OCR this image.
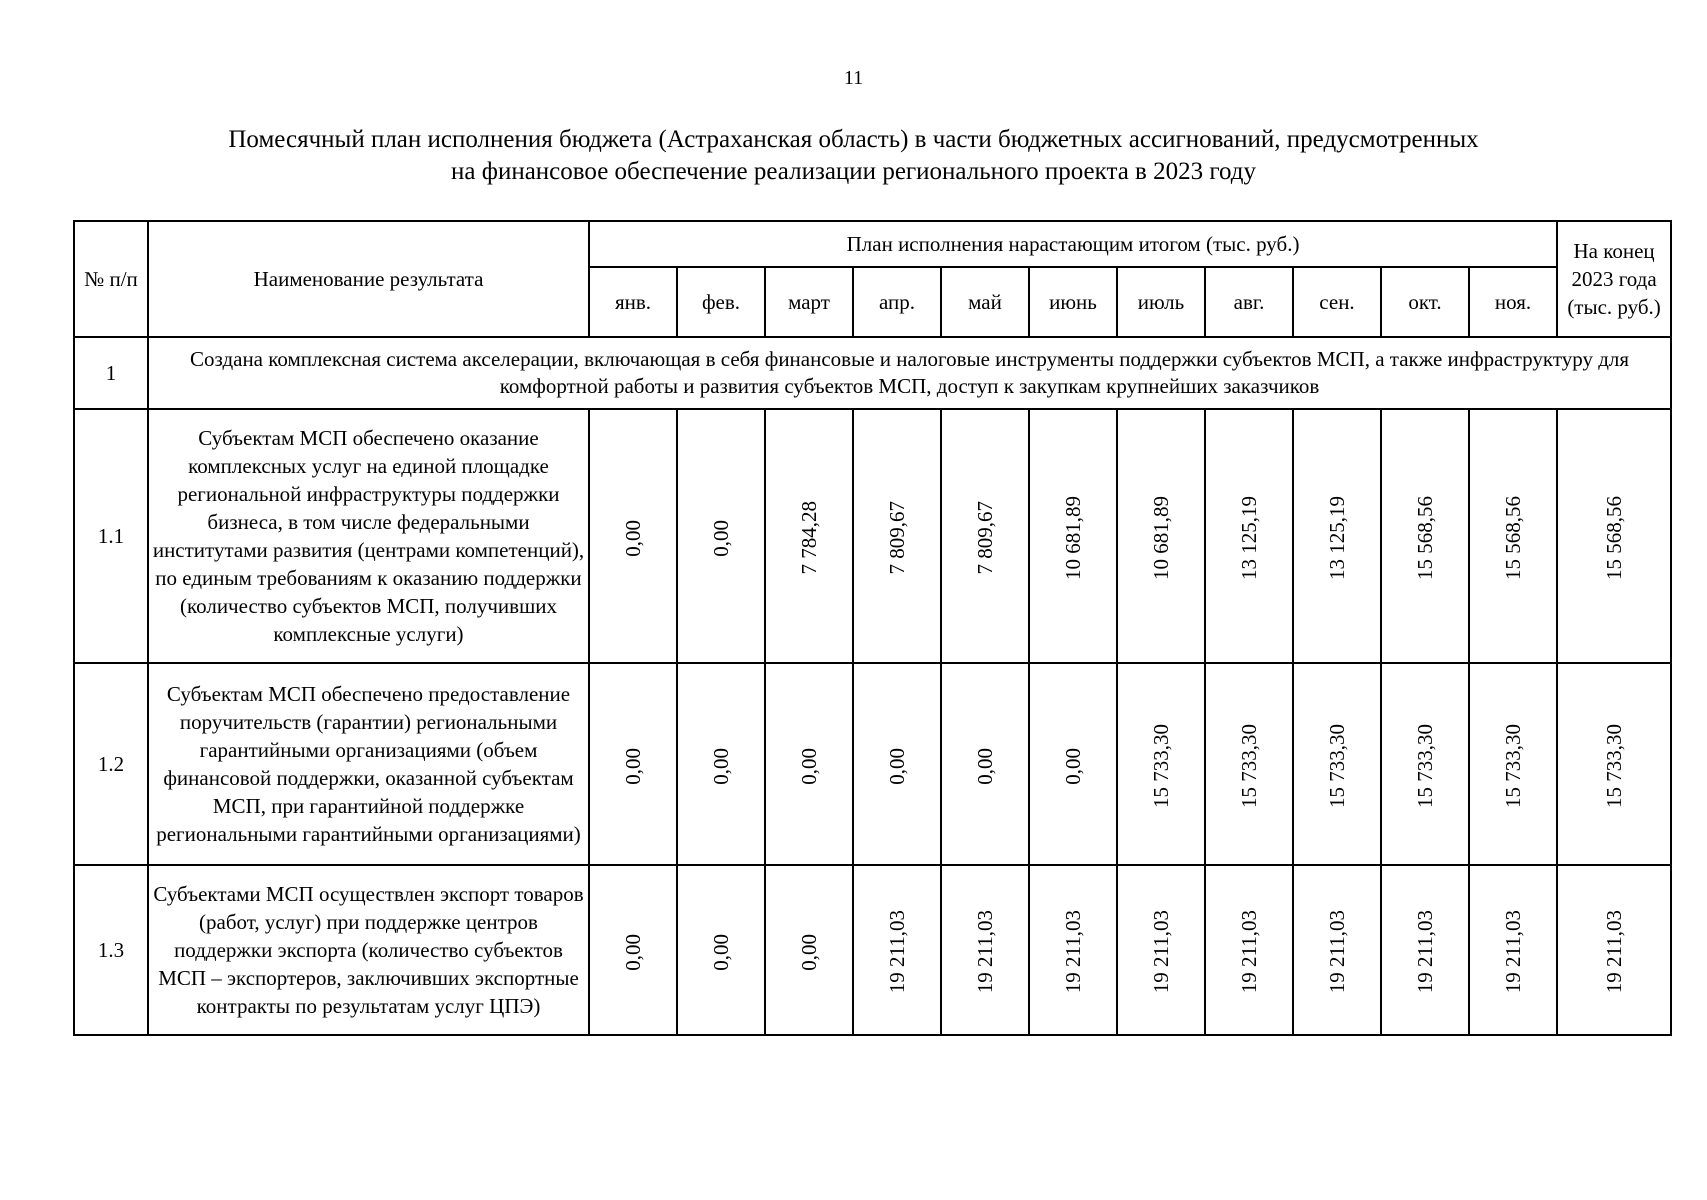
11
Помесячный план исполнения бюджета (Астраханская область) в части бюджетных ассигнований, предусмотренных
на финансовое обеспечение реализации регионального проекта в 2023 году
№ п/п	Наименование результата	План исполнения нарастающим итогом (тыс. руб.)											На конец
2023 года
(тыс. руб.)

		янв.	фев.	март	апр.	май	июнь	июль	авг.	сен.	окт.	ноя.	
1	Создана комплексная система акселерации, включающая в себя финансовые и налоговые инструменты поддержки субъектов МСП, а также инфраструктуру для комфортной работы и развития субъектов МСП, доступ к закупкам крупнейших заказчиков												
1.1	Субъектам МСП обеспечено оказание комплексных услуг на единой площадке региональной инфраструктуры поддержки бизнеса, в том числе федеральными институтами развития (центрами компетенций), по единым требованиям к оказанию поддержки (количество субъектов МСП, получивших комплексные услуги)	0,00	0,00	7 784,28	7 809,67	7 809,67	10 681,89	10 681,89	13 125,19	13 125,19	15 568,56	15 568,56	15 568,56
1.2	Субъектам МСП обеспечено предоставление поручительств (гарантии) региональными гарантийными организациями (объем финансовой поддержки, оказанной субъектам МСП, при гарантийной поддержке региональными гарантийными организациями)	0,00	0,00	0,00	0,00	0,00	0,00	15 733,30	15 733,30	15 733,30	15 733,30	15 733,30	15 733,30
1.3	Субъектами МСП осуществлен экспорт товаров (работ, услуг) при поддержке центров поддержки экспорта (количество субъектов МСП – экспортеров, заключивших экспортные контракты по результатам услуг ЦПЭ)	0,00	0,00	0,00	19 211,03	19 211,03	19 211,03	19 211,03	19 211,03	19 211,03	19 211,03	19 211,03	19 211,03
